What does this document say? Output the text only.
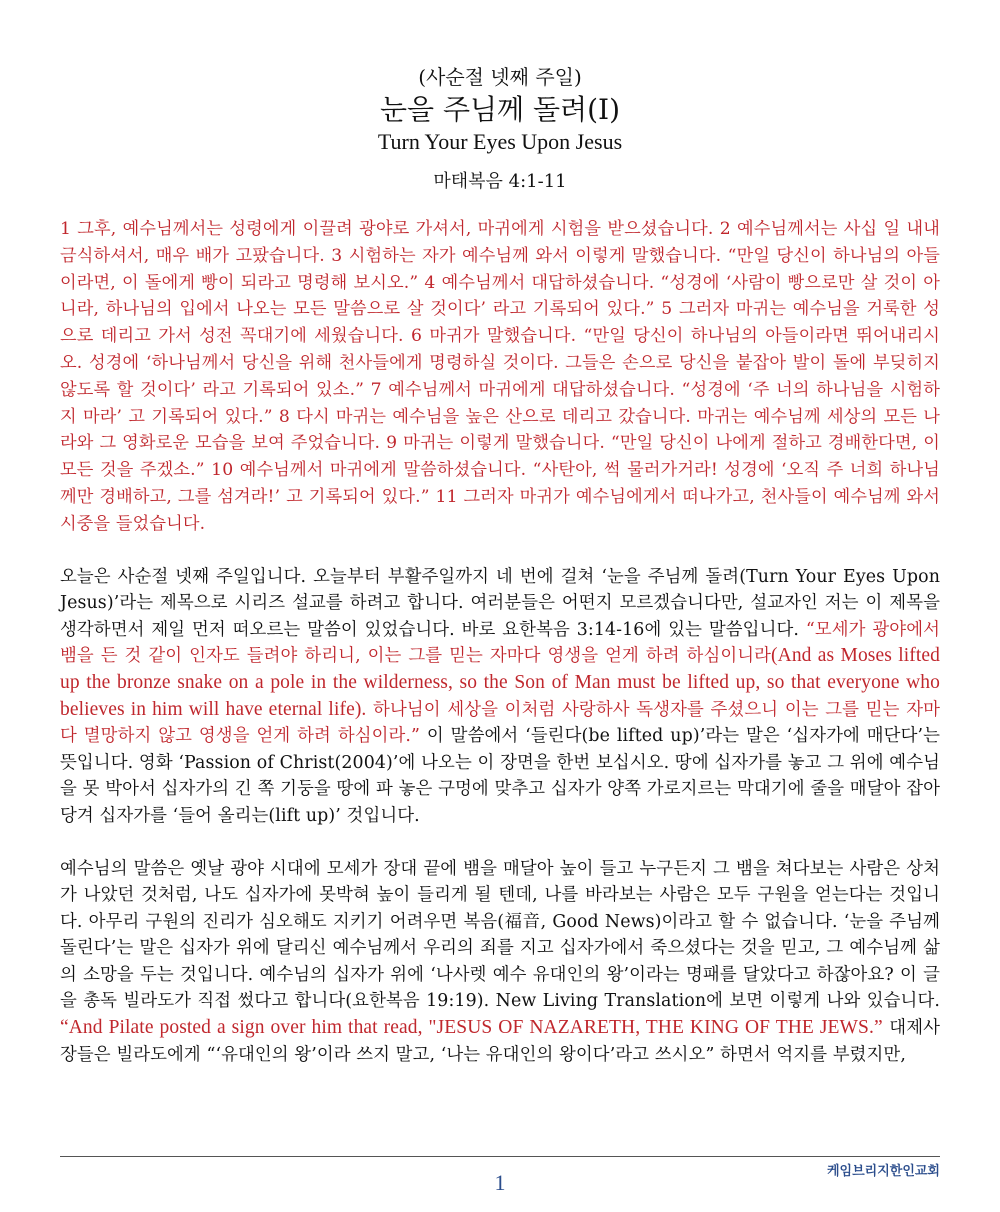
(사순절 넷째 주일)
눈을 주님께 돌려(I)
Turn Your Eyes Upon Jesus
마태복음 4:1-11
1 그후, 예수님께서는 성령에게 이끌려 광야로 가셔서, 마귀에게 시험을 받으셨습니다. 2 예수님께서는 사십 일 내내 금식하셔서, 매우 배가 고팠습니다. 3 시험하는 자가 예수님께 와서 이렇게 말했습니다. “만일 당신이 하나님의 아들이라면, 이 돌에게 빵이 되라고 명령해 보시오.” 4 예수님께서 대답하셨습니다. “성경에 ‘사람이 빵으로만 살 것이 아니라, 하나님의 입에서 나오는 모든 말씀으로 살 것이다’ 라고 기록되어 있다.” 5 그러자 마귀는 예수님을 거룩한 성으로 데리고 가서 성전 꼭대기에 세웠습니다. 6 마귀가 말했습니다. “만일 당신이 하나님의 아들이라면 뛰어내리시오. 성경에 ‘하나님께서 당신을 위해 천사들에게 명령하실 것이다. 그들은 손으로 당신을 붙잡아 발이 돌에 부딪히지 않도록 할 것이다’ 라고 기록되어 있소.” 7 예수님께서 마귀에게 대답하셨습니다. “성경에 ‘주 너의 하나님을 시험하지 마라’ 고 기록되어 있다.” 8 다시 마귀는 예수님을 높은 산으로 데리고 갔습니다. 마귀는 예수님께 세상의 모든 나라와 그 영화로운 모습을 보여 주었습니다. 9 마귀는 이렇게 말했습니다. “만일 당신이 나에게 절하고 경배한다면, 이 모든 것을 주겠소.” 10 예수님께서 마귀에게 말씀하셨습니다. “사탄아, 썩 물러가거라! 성경에 ‘오직 주 너희 하나님께만 경배하고, 그를 섬겨라!’ 고 기록되어 있다.” 11 그러자 마귀가 예수님에게서 떠나가고, 천사들이 예수님께 와서 시중을 들었습니다.
오늘은 사순절 넷째 주일입니다. 오늘부터 부활주일까지 네 번에 걸쳐 ‘눈을 주님께 돌려(Turn Your Eyes Upon Jesus)’라는 제목으로 시리즈 설교를 하려고 합니다. 여러분들은 어떤지 모르겠습니다만, 설교자인 저는 이 제목을 생각하면서 제일 먼저 떠오르는 말씀이 있었습니다. 바로 요한복음 3:14-16에 있는 말씀입니다. “모세가 광야에서 뱀을 든 것 같이 인자도 들려야 하리니, 이는 그를 믿는 자마다 영생을 얻게 하려 하심이니라(And as Moses lifted up the bronze snake on a pole in the wilderness, so the Son of Man must be lifted up, so that everyone who believes in him will have eternal life). 하나님이 세상을 이처럼 사랑하사 독생자를 주셨으니 이는 그를 믿는 자마다 멸망하지 않고 영생을 얻게 하려 하심이라.” 이 말씀에서 ‘들린다(be lifted up)’라는 말은 ‘십자가에 매단다’는 뜻입니다. 영화 ‘Passion of Christ(2004)’에 나오는 이 장면을 한번 보십시오. 땅에 십자가를 놓고 그 위에 예수님을 못 박아서 십자가의 긴 쪽 기둥을 땅에 파 놓은 구멍에 맞추고 십자가 양쪽 가로지르는 막대기에 줄을 매달아 잡아당겨 십자가를 ‘들어 올리는(lift up)’ 것입니다.
예수님의 말씀은 옛날 광야 시대에 모세가 장대 끝에 뱀을 매달아 높이 들고 누구든지 그 뱀을 쳐다보는 사람은 상처가 나았던 것처럼, 나도 십자가에 못박혀 높이 들리게 될 텐데, 나를 바라보는 사람은 모두 구원을 얻는다는 것입니다. 아무리 구원의 진리가 심오해도 지키기 어려우면 복음(福音, Good News)이라고 할 수 없습니다. ‘눈을 주님께 돌린다’는 말은 십자가 위에 달리신 예수님께서 우리의 죄를 지고 십자가에서 죽으셨다는 것을 믿고, 그 예수님께 삶의 소망을 두는 것입니다. 예수님의 십자가 위에 ‘나사렛 예수 유대인의 왕’이라는 명패를 달았다고 하잖아요? 이 글을 총독 빌라도가 직접 썼다고 합니다(요한복음 19:19). New Living Translation에 보면 이렇게 나와 있습니다. “And Pilate posted a sign over him that read, "JESUS OF NAZARETH, THE KING OF THE JEWS.” 대제사장들은 빌라도에게 “‘유대인의 왕’이라 쓰지 말고, ‘나는 유대인의 왕이다’라고 쓰시오” 하면서 억지를 부렸지만,
1	케임브리지한인교회
